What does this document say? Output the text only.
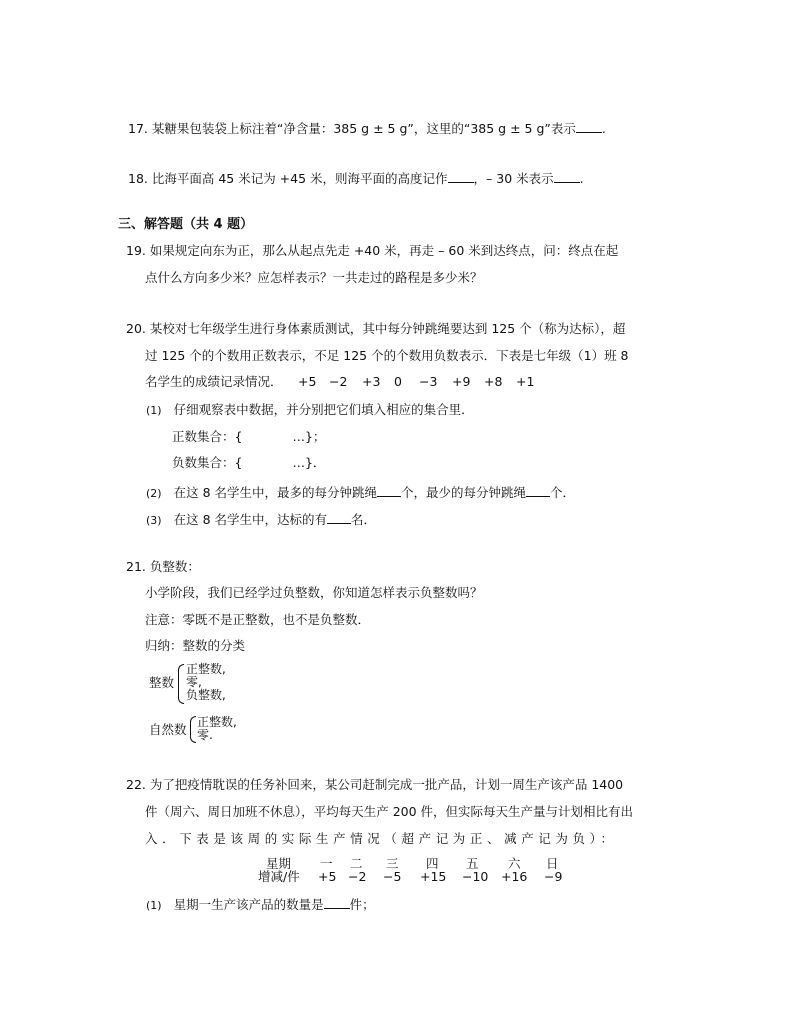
17. 某糖果包装袋上标注着“净含量：385 g ± 5 g”，这里的“385 g ± 5 g”表示 .
18. 比海平面高 45 米记为 +45 米，则海平面的高度记作 ，– 30 米表示 .
三、解答题（共 4 题）
19. 如果规定向东为正，那么从起点先走 +40 米，再走 – 60 米到达终点，问：终点在起
点什么方向多少米？应怎样表示？一共走过的路程是多少米？
20. 某校对七年级学生进行身体素质测试，其中每分钟跳绳要达到 125 个（称为达标），超
过 125 个的个数用正数表示，不足 125 个的个数用负数表示．下表是七年级（1）班 8
名学生的成绩记录情况． +5 −2 +3 0 −3 +9 +8 +1
(1) 仔细观察表中数据，并分别把它们填入相应的集合里．
正数集合：{	…}；
负数集合：{	…}．
(2) 在这 8 名学生中，最多的每分钟跳绳 个，最少的每分钟跳绳 个．
(3) 在这 8 名学生中，达标的有 名．
21. 负整数：
小学阶段，我们已经学过负整数，你知道怎样表示负整数吗？
注意：零既不是正整数，也不是负整数．
归纳：整数的分类
整数
正整数,
零,
负整数,
自然数 正整数,
零.
22. 为了把疫情耽误的任务补回来，某公司赶制完成一批产品，计划一周生产该产品 1400
件（周六、周日加班不休息），平均每天生产 200 件，但实际每天生产量与计划相比有出
入．下表是该周的实际生产情况（超产记为正、减产记为负）：
星期 一 二 三 四 五 六 日
增减/件 +5 −2 −5 +15 −10 +16 −9
(1) 星期一生产该产品的数量是 件；
